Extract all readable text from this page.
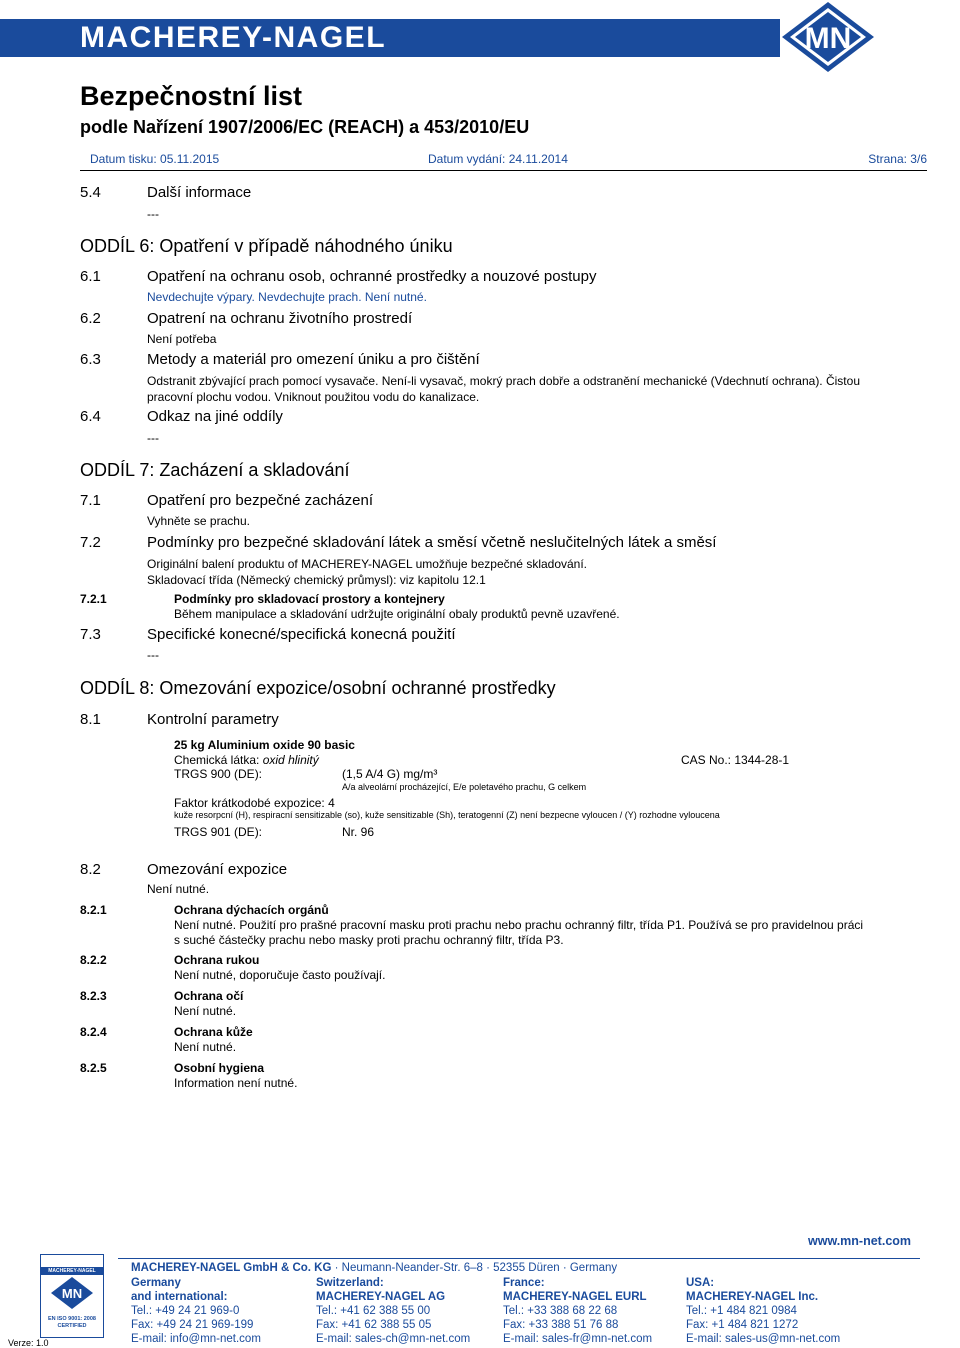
MACHEREY-NAGEL	MN
Bezpečnostní list
podle Nařízení 1907/2006/EC (REACH) a 453/2010/EU
Datum tisku: 05.11.2015	Datum vydání: 24.11.2014	Strana: 3/6
5.4	Další informace
---
ODDÍL 6: Opatření v případě náhodného úniku
6.1	Opatření na ochranu osob, ochranné prostředky a nouzové postupy
Nevdechujte výpary. Nevdechujte prach. Není nutné.
6.2	Opatrení na ochranu životního prostredí
Není potřeba
6.3	Metody a materiál pro omezení úniku a pro čištění
Odstranit zbývající prach pomocí vysavače. Není-li vysavač, mokrý prach dobře a odstranění mechanické (Vdechnutí ochrana). Čistou
pracovní plochu vodou. Vniknout použitou vodu do kanalizace.
6.4	Odkaz na jiné oddíly
---
ODDÍL 7: Zacházení a skladování
7.1	Opatření pro bezpečné zacházení
Vyhněte se prachu.
7.2	Podmínky pro bezpečné skladování látek a směsí včetně neslučitelných látek a směsí
Originální balení produktu of MACHEREY-NAGEL umožňuje bezpečné skladování.
Skladovací třída (Německý chemický průmysl): viz kapitolu 12.1
7.2.1	Podmínky pro skladovací prostory a kontejnery
Během manipulace a skladování udržujte originální obaly produktů pevně uzavřené.
7.3	Specifické konecné/specifická konecná použití
---
ODDÍL 8: Omezování expozice/osobní ochranné prostředky
8.1	Kontrolní parametry
25 kg Aluminium oxide 90 basic
Chemická látka: oxid hlinitý	CAS No.: 1344-28-1
TRGS 900 (DE):	(1,5 A/4 G) mg/m³
A/a alveolární procházející, E/e poletavého prachu, G celkem
Faktor krátkodobé expozice: 4
kuže resorpcní (H), respiracní sensitizable (so), kuže sensitizable (Sh), teratogenní (Z) není bezpecne vyloucen / (Y) rozhodne vyloucena
TRGS 901 (DE):	Nr. 96
8.2	Omezování expozice
Není nutné.
8.2.1	Ochrana dýchacích orgánů
Není nutné. Použití pro prašné pracovní masku proti prachu nebo prachu ochranný filtr, třída P1. Používá se pro pravidelnou práci
s suché částečky prachu nebo masky proti prachu ochranný filtr, třída P3.
8.2.2	Ochrana rukou
Není nutné, doporučuje často používají.
8.2.3	Ochrana očí
Není nutné.
8.2.4	Ochrana kůže
Není nutné.
8.2.5	Osobní hygiena
Information není nutné.
www.mn-net.com
MACHEREY-NAGEL
MN
EN ISO 9001: 2008
CERTIFIED
Verze: 1.0
MACHEREY-NAGEL GmbH & Co. KG · Neumann-Neander-Str. 6–8 · 52355 Düren · Germany
Germany
and international:
Tel.: +49 24 21 969-0
Fax: +49 24 21 969-199
E-mail: info@mn-net.com
Switzerland:
MACHEREY-NAGEL AG
Tel.: +41 62 388 55 00
Fax: +41 62 388 55 05
E-mail: sales-ch@mn-net.com
France:
MACHEREY-NAGEL EURL
Tel.: +33 388 68 22 68
Fax: +33 388 51 76 88
E-mail: sales-fr@mn-net.com
USA:
MACHEREY-NAGEL Inc.
Tel.: +1 484 821 0984
Fax: +1 484 821 1272
E-mail: sales-us@mn-net.com
